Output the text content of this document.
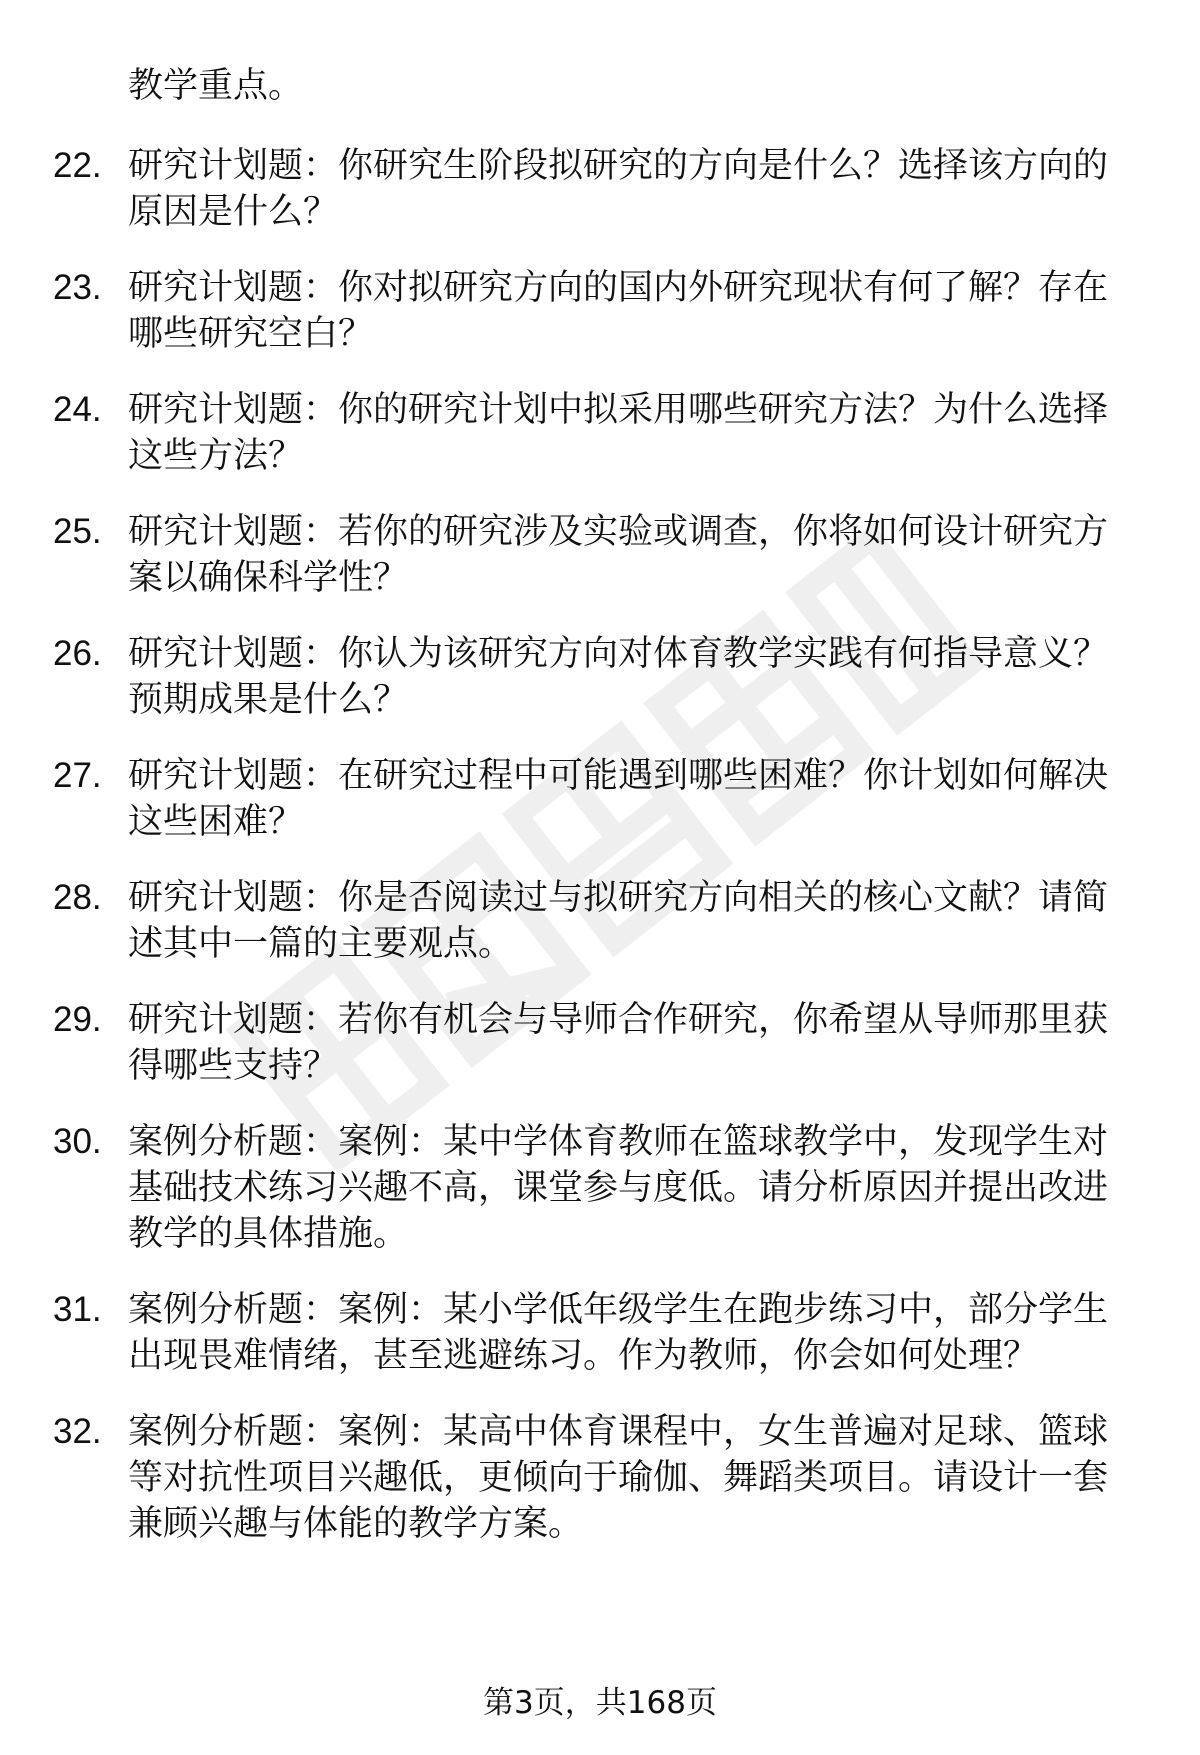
教学重点。
22. 研究计划题：你研究生阶段拟研究的方向是什么？选择该方向的原因是什么？
23. 研究计划题：你对拟研究方向的国内外研究现状有何了解？存在哪些研究空白？
24. 研究计划题：你的研究计划中拟采用哪些研究方法？为什么选择这些方法？
25. 研究计划题：若你的研究涉及实验或调查，你将如何设计研究方案以确保科学性？
26. 研究计划题：你认为该研究方向对体育教学实践有何指导意义？预期成果是什么？
27. 研究计划题：在研究过程中可能遇到哪些困难？你计划如何解决这些困难？
28. 研究计划题：你是否阅读过与拟研究方向相关的核心文献？请简述其中一篇的主要观点。
29. 研究计划题：若你有机会与导师合作研究，你希望从导师那里获得哪些支持？
30. 案例分析题：案例：某中学体育教师在篮球教学中，发现学生对基础技术练习兴趣不高，课堂参与度低。请分析原因并提出改进教学的具体措施。
31. 案例分析题：案例：某小学低年级学生在跑步练习中，部分学生出现畏难情绪，甚至逃避练习。作为教师，你会如何处理？
32. 案例分析题：案例：某高中体育课程中，女生普遍对足球、篮球等对抗性项目兴趣低，更倾向于瑜伽、舞蹈类项目。请设计一套兼顾兴趣与体能的教学方案。
第3页，共168页
